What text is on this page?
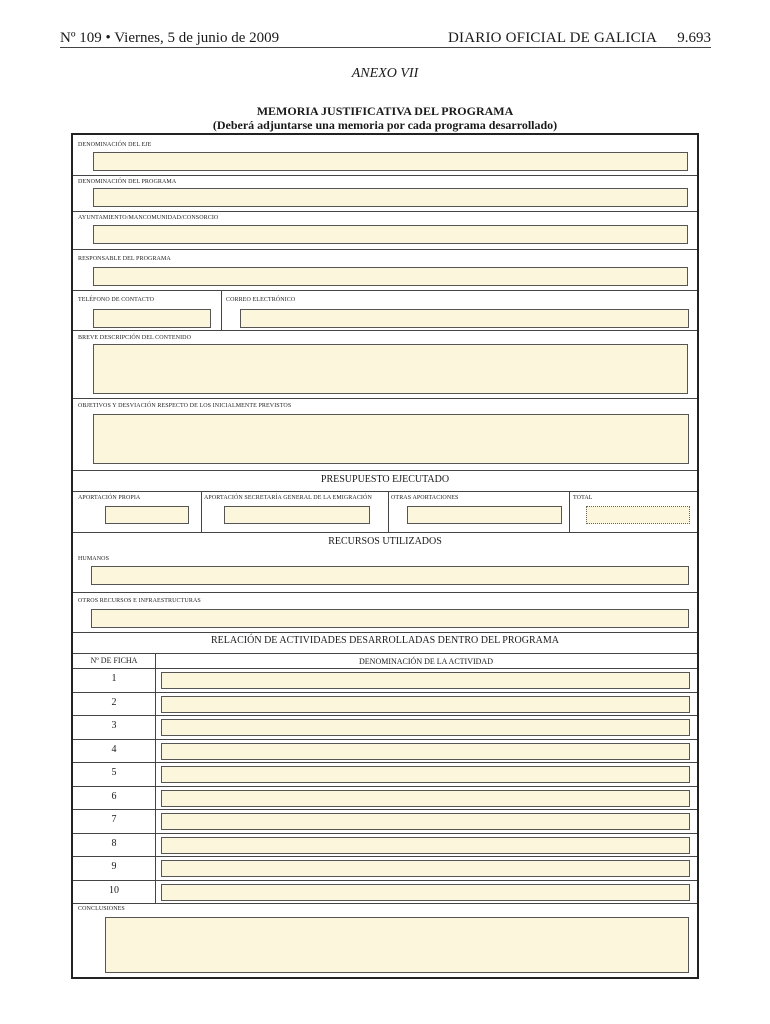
Nº 109 • Viernes, 5 de junio de 2009	DIARIO OFICIAL DE GALICIA 9.693
ANEXO VII
MEMORIA JUSTIFICATIVA DEL PROGRAMA
(Deberá adjuntarse una memoria por cada programa desarrollado)
DENOMINACIÓN DEL EJE
DENOMINACIÓN DEL PROGRAMA
AYUNTAMIENTO/MANCOMUNIDAD/CONSORCIO
RESPONSABLE DEL PROGRAMA
TELÉFONO DE CONTACTO	CORREO ELECTRÓNICO
BREVE DESCRIPCIÓN DEL CONTENIDO
OBJETIVOS Y DESVIACIÓN RESPECTO DE LOS INICIALMENTE PREVISTOS
PRESUPUESTO EJECUTADO
APORTACIÓN PROPIA	APORTACIÓN SECRETARÍA GENERAL DE LA EMIGRACIÓN	OTRAS APORTACIONES	TOTAL
RECURSOS UTILIZADOS
HUMANOS
OTROS RECURSOS E INFRAESTRUCTURAS
RELACIÓN DE ACTIVIDADES DESARROLLADAS DENTRO DEL PROGRAMA
Nº DE FICHA	DENOMINACIÓN DE LA ACTIVIDAD
1
2
3
4
5
6
7
8
9
10
CONCLUSIONES
